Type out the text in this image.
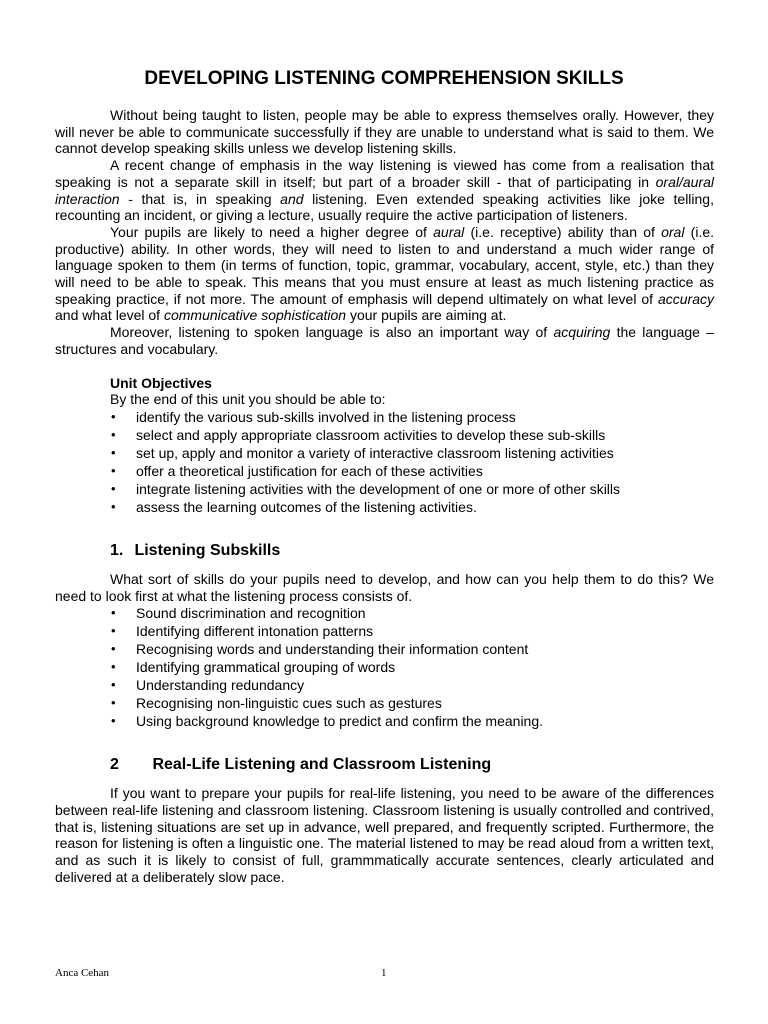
DEVELOPING LISTENING COMPREHENSION SKILLS

Without being taught to listen, people may be able to express themselves orally. However, they will never be able to communicate successfully if they are unable to understand what is said to them. We cannot develop speaking skills unless we develop listening skills.

A recent change of emphasis in the way listening is viewed has come from a realisation that speaking is not a separate skill in itself; but part of a broader skill - that of participating in oral/aural interaction - that is, in speaking and listening. Even extended speaking activities like joke telling, recounting an incident, or giving a lecture, usually require the active participation of listeners.

Your pupils are likely to need a higher degree of aural (i.e. receptive) ability than of oral (i.e. productive) ability. In other words, they will need to listen to and understand a much wider range of language spoken to them (in terms of function, topic, grammar, vocabulary, accent, style, etc.) than they will need to be able to speak. This means that you must ensure at least as much listening practice as speaking practice, if not more. The amount of emphasis will depend ultimately on what level of accuracy and what level of communicative sophistication your pupils are aiming at.

Moreover, listening to spoken language is also an important way of acquiring the language – structures and vocabulary.

Unit Objectives
By the end of this unit you should be able to:
• identify the various sub-skills involved in the listening process
• select and apply appropriate classroom activities to develop these sub-skills
• set up, apply and monitor a variety of interactive classroom listening activities
• offer a theoretical justification for each of these activities
• integrate listening activities with the development of one or more of other skills
• assess the learning outcomes of the listening activities.
1. Listening Subskills

What sort of skills do your pupils need to develop, and how can you help them to do this? We need to look first at what the listening process consists of.

• Sound discrimination and recognition
• Identifying different intonation patterns
• Recognising words and understanding their information content
• Identifying grammatical grouping of words
• Understanding redundancy
• Recognising non-linguistic cues such as gestures
• Using background knowledge to predict and confirm the meaning.
2 Real-Life Listening and Classroom Listening

If you want to prepare your pupils for real-life listening, you need to be aware of the differences between real-life listening and classroom listening. Classroom listening is usually controlled and contrived, that is, listening situations are set up in advance, well prepared, and frequently scripted. Furthermore, the reason for listening is often a linguistic one. The material listened to may be read aloud from a written text, and as such it is likely to consist of full, grammmatically accurate sentences, clearly articulated and delivered at a deliberately slow pace.

Anca Cehan	1
